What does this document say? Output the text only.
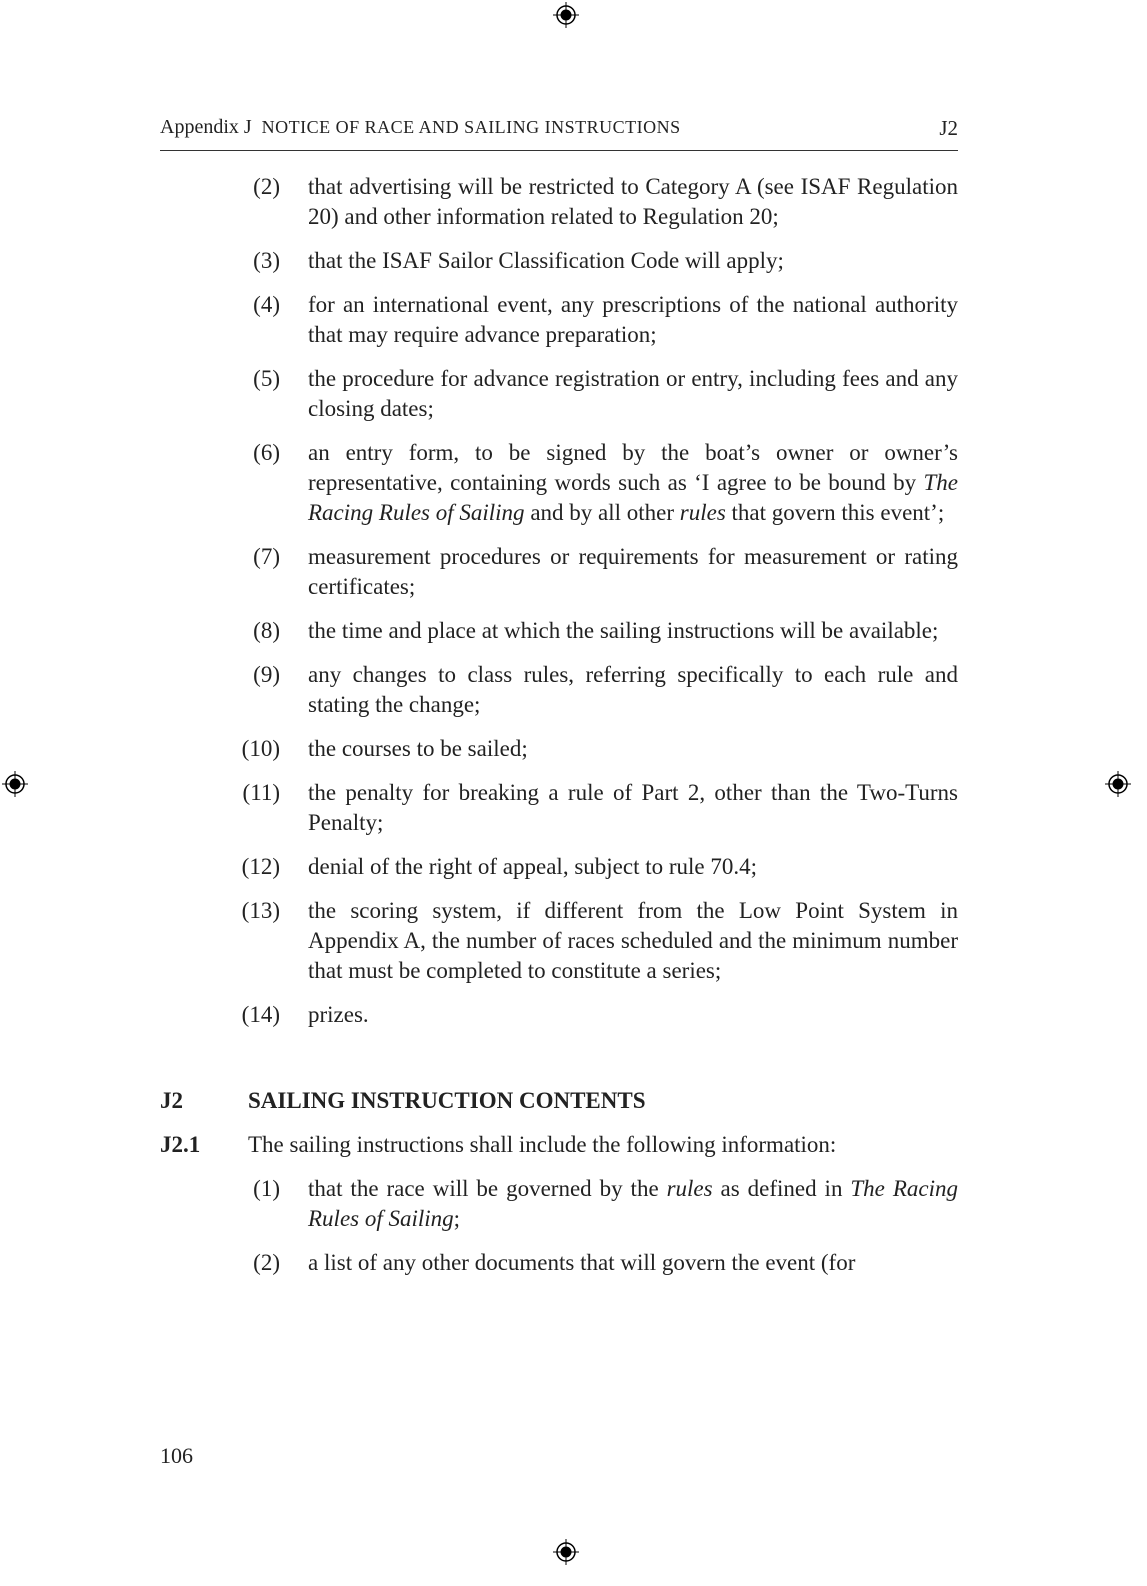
Appendix J NOTICE OF RACE AND SAILING INSTRUCTIONS	J2
(2) that advertising will be restricted to Category A (see ISAF Regulation 20) and other information related to Regulation 20;
(3) that the ISAF Sailor Classification Code will apply;
(4) for an international event, any prescriptions of the national authority that may require advance preparation;
(5) the procedure for advance registration or entry, including fees and any closing dates;
(6) an entry form, to be signed by the boat’s owner or owner’s representative, containing words such as ‘I agree to be bound by The Racing Rules of Sailing and by all other rules that govern this event’;
(7) measurement procedures or requirements for measurement or rating certificates;
(8) the time and place at which the sailing instructions will be available;
(9) any changes to class rules, referring specifically to each rule and stating the change;
(10) the courses to be sailed;
(11) the penalty for breaking a rule of Part 2, other than the Two-Turns Penalty;
(12) denial of the right of appeal, subject to rule 70.4;
(13) the scoring system, if different from the Low Point System in Appendix A, the number of races scheduled and the minimum number that must be completed to constitute a series;
(14) prizes.
J2	SAILING INSTRUCTION CONTENTS
J2.1	The sailing instructions shall include the following information:
(1) that the race will be governed by the rules as defined in The Racing Rules of Sailing;
(2) a list of any other documents that will govern the event (for
106
